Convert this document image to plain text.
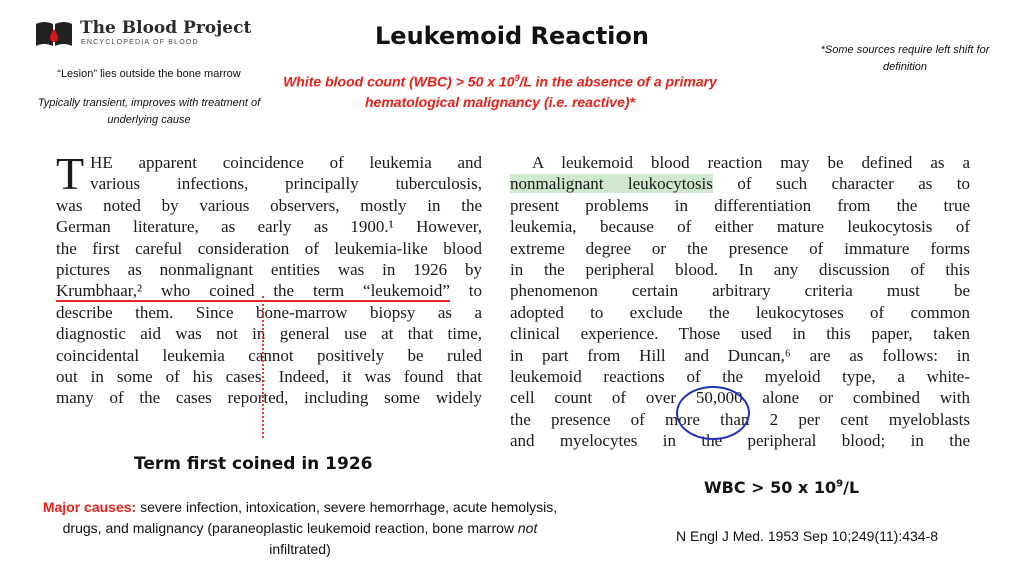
The Blood Project
ENCYCLOPEDIA OF BLOOD	Leukemoid Reaction
“Lesion” lies outside the bone marrow
Typically transient, improves with treatment of underlying cause
White blood count (WBC) > 50 x $10^9/L$ in the absence of a primary hematological malignancy (i.e. reactive)*
*Some sources require left shift for definition
T HE apparent coincidence of leukemia and
various infections, principally tuberculosis,
was noted by various observers, mostly in the
German literature, as early as 1900.¹ However,
the first careful consideration of leukemia-like blood
pictures as nonmalignant entities was in 1926 by
Krumbhaar,² who coined the term “leukemoid” to
describe them. Since bone-marrow biopsy as a
diagnostic aid was not in general use at that time,
coincidental leukemia cannot positively be ruled
out in some of his cases. Indeed, it was found that
many of the cases reported, including some widely
A leukemoid blood reaction may be defined as a
nonmalignant leukocytosis of such character as to
present problems in differentiation from the true
leukemia, because of either mature leukocytosis of
extreme degree or the presence of immature forms
in the peripheral blood. In any discussion of this
phenomenon certain arbitrary criteria must be
adopted to exclude the leukocytoses of common
clinical experience. Those used in this paper, taken
in part from Hill and Duncan,⁶ are as follows: in
leukemoid reactions of the myeloid type, a white-
cell count of over 50,000 alone or combined with
the presence of more than 2 per cent myeloblasts
and myelocytes in the peripheral blood; in the
Term first coined in 1926
Major causes: severe infection, intoxication, severe hemorrhage, acute hemolysis, drugs, and malignancy (paraneoplastic leukemoid reaction, bone marrow not infiltrated)
WBC > 50 x $10^9/L$
N Engl J Med. 1953 Sep 10;249(11):434-8
